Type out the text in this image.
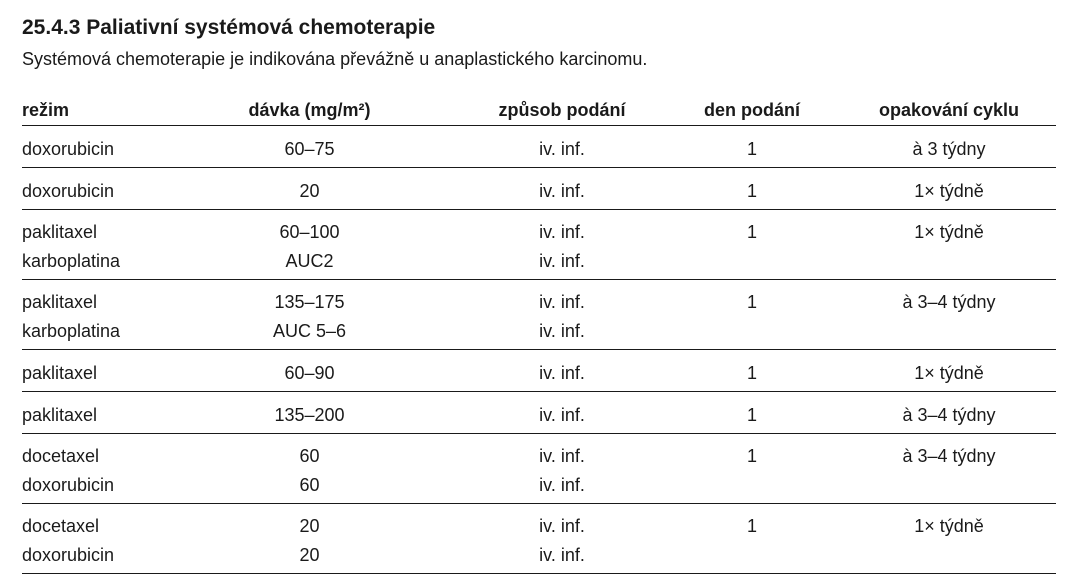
25.4.3 Paliativní systémová chemoterapie
Systémová chemoterapie je indikována převážně u anaplastického karcinomu.
režim	dávka (mg/m²)	způsob podání	den podání	opakování cyklu
doxorubicin	60–75	iv. inf.	1	à 3 týdny
doxorubicin	20	iv. inf.	1	1× týdně
paklitaxel	60–100	iv. inf.	1	1× týdně
karboplatina	AUC2	iv. inf.		
paklitaxel	135–175	iv. inf.	1	à 3–4 týdny
karboplatina	AUC 5–6	iv. inf.		
paklitaxel	60–90	iv. inf.	1	1× týdně
paklitaxel	135–200	iv. inf.	1	à 3–4 týdny
docetaxel	60	iv. inf.	1	à 3–4 týdny
doxorubicin	60	iv. inf.		
docetaxel	20	iv. inf.	1	1× týdně
doxorubicin	20	iv. inf.		
